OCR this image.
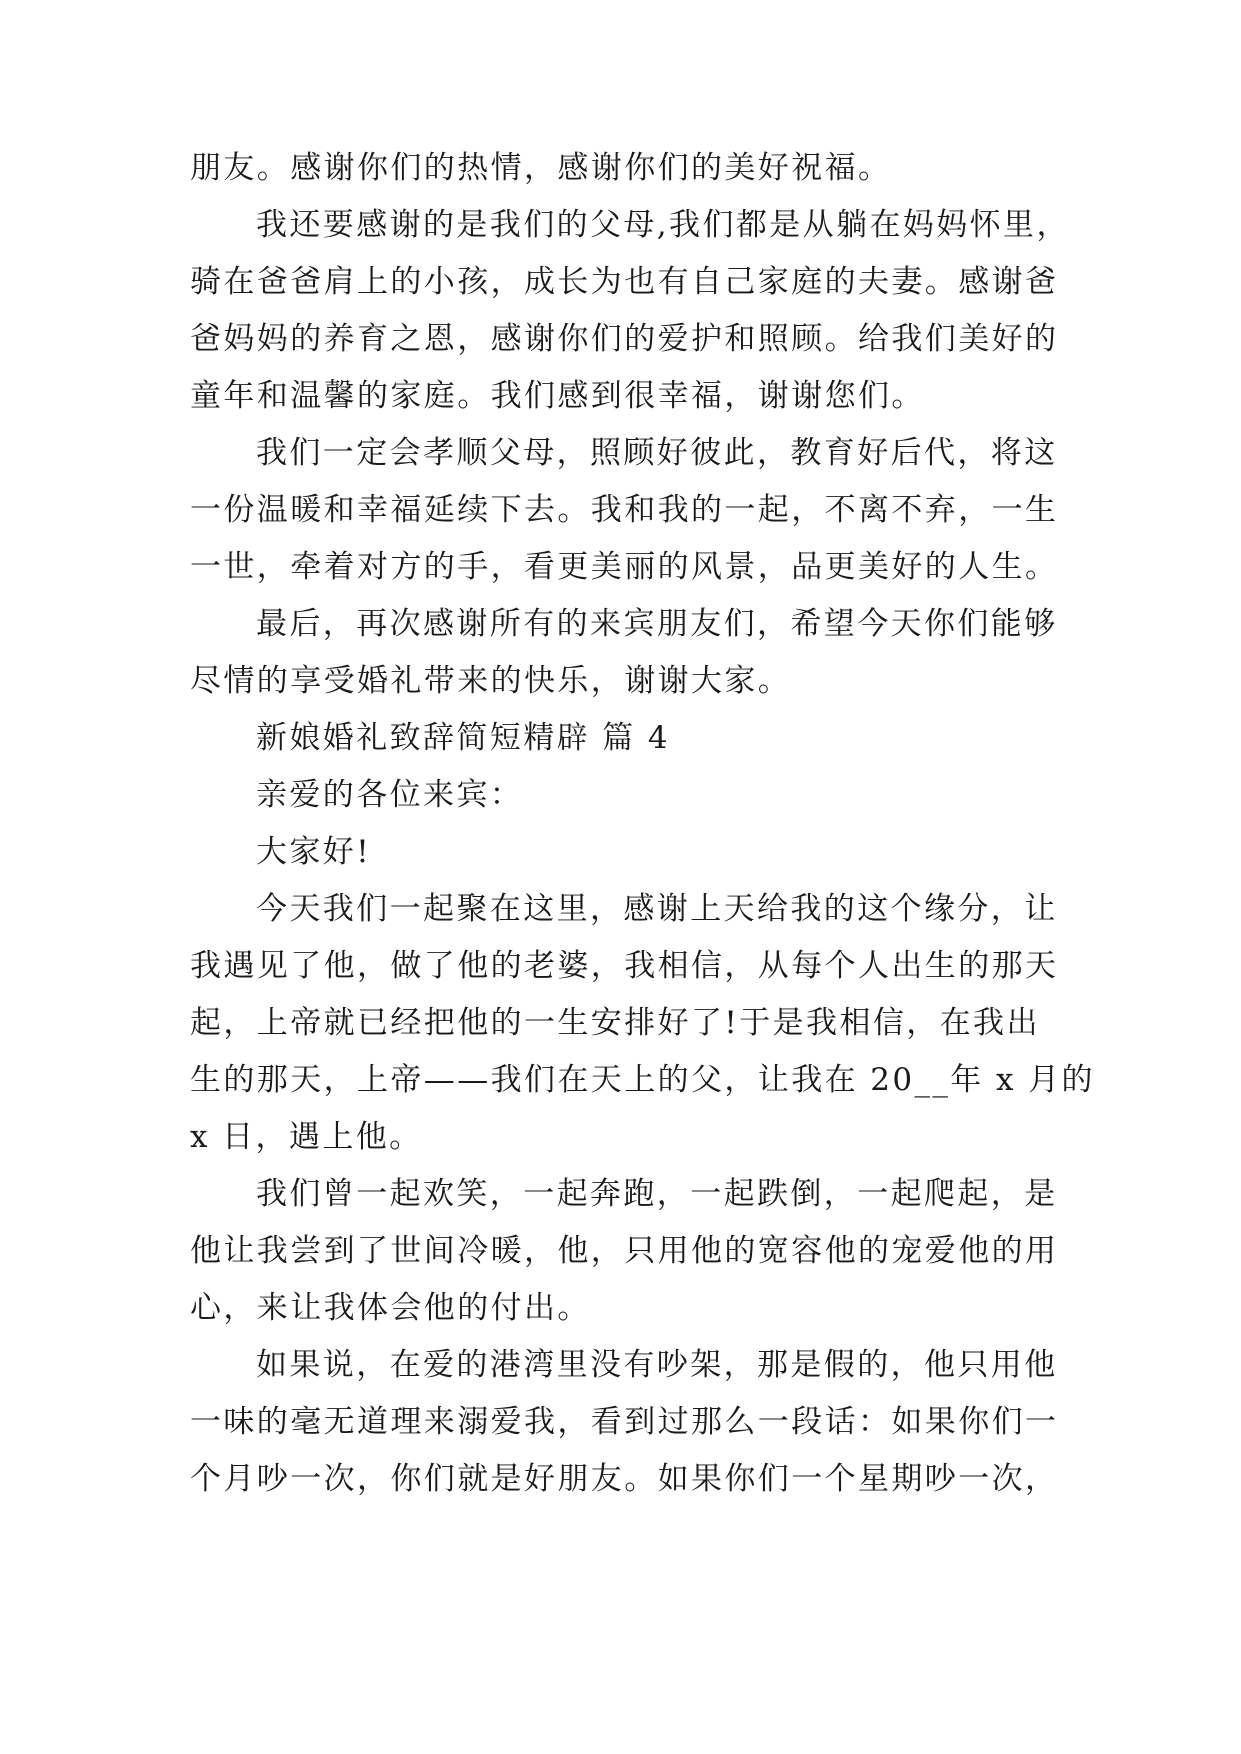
朋友。感谢你们的热情，感谢你们的美好祝福。
我还要感谢的是我们的父母,我们都是从躺在妈妈怀里，
骑在爸爸肩上的小孩，成长为也有自己家庭的夫妻。感谢爸
爸妈妈的养育之恩，感谢你们的爱护和照顾。给我们美好的
童年和温馨的家庭。我们感到很幸福，谢谢您们。
我们一定会孝顺父母，照顾好彼此，教育好后代，将这
一份温暖和幸福延续下去。我和我的一起，不离不弃，一生
一世，牵着对方的手，看更美丽的风景，品更美好的人生。
最后，再次感谢所有的来宾朋友们，希望今天你们能够
尽情的享受婚礼带来的快乐，谢谢大家。
新娘婚礼致辞简短精辟 篇 4
亲爱的各位来宾：
大家好!
今天我们一起聚在这里，感谢上天给我的这个缘分，让
我遇见了他，做了他的老婆，我相信，从每个人出生的那天
起，上帝就已经把他的一生安排好了!于是我相信，在我出
生的那天，上帝——我们在天上的父，让我在 20__年 x 月的
x 日，遇上他。
我们曾一起欢笑，一起奔跑，一起跌倒，一起爬起，是
他让我尝到了世间冷暖，他，只用他的宽容他的宠爱他的用
心，来让我体会他的付出。
如果说，在爱的港湾里没有吵架，那是假的，他只用他
一味的毫无道理来溺爱我，看到过那么一段话：如果你们一
个月吵一次，你们就是好朋友。如果你们一个星期吵一次，
